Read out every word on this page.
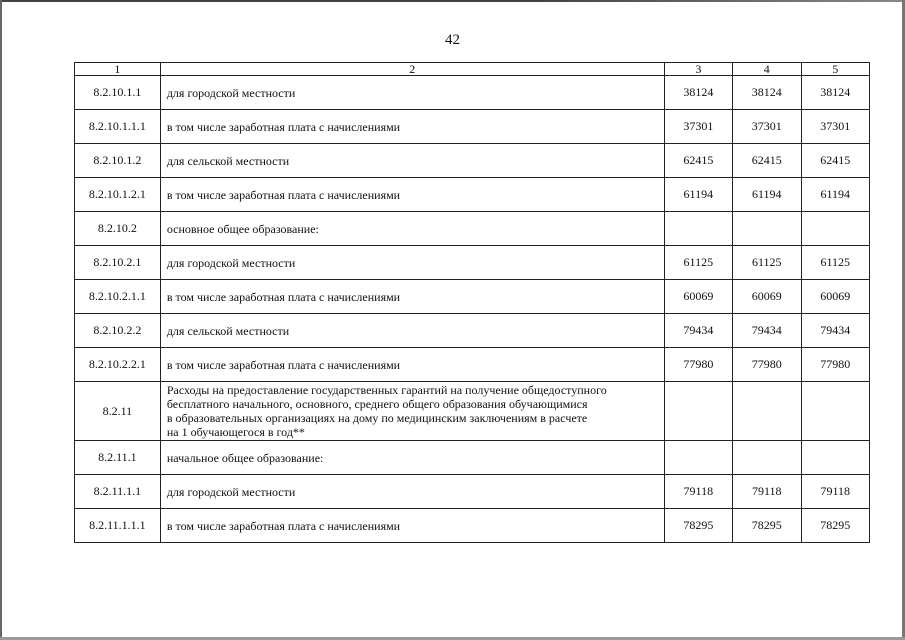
42
1	2	3	4	5
8.2.10.1.1	для городской местности	38124	38124	38124
8.2.10.1.1.1	в том числе заработная плата с начислениями	37301	37301	37301
8.2.10.1.2	для сельской местности	62415	62415	62415
8.2.10.1.2.1	в том числе заработная плата с начислениями	61194	61194	61194
8.2.10.2	основное общее образование:			
8.2.10.2.1	для городской местности	61125	61125	61125
8.2.10.2.1.1	в том числе заработная плата с начислениями	60069	60069	60069
8.2.10.2.2	для сельской местности	79434	79434	79434
8.2.10.2.2.1	в том числе заработная плата с начислениями	77980	77980	77980
8.2.11	Расходы на предоставление государственных гарантий на получение общедоступного
бесплатного начального, основного, среднего общего образования обучающимися
в образовательных организациях на дому по медицинским заключениям в расчете
на 1 обучающегося в год**			
8.2.11.1	начальное общее образование:			
8.2.11.1.1	для городской местности	79118	79118	79118
8.2.11.1.1.1	в том числе заработная плата с начислениями	78295	78295	78295
